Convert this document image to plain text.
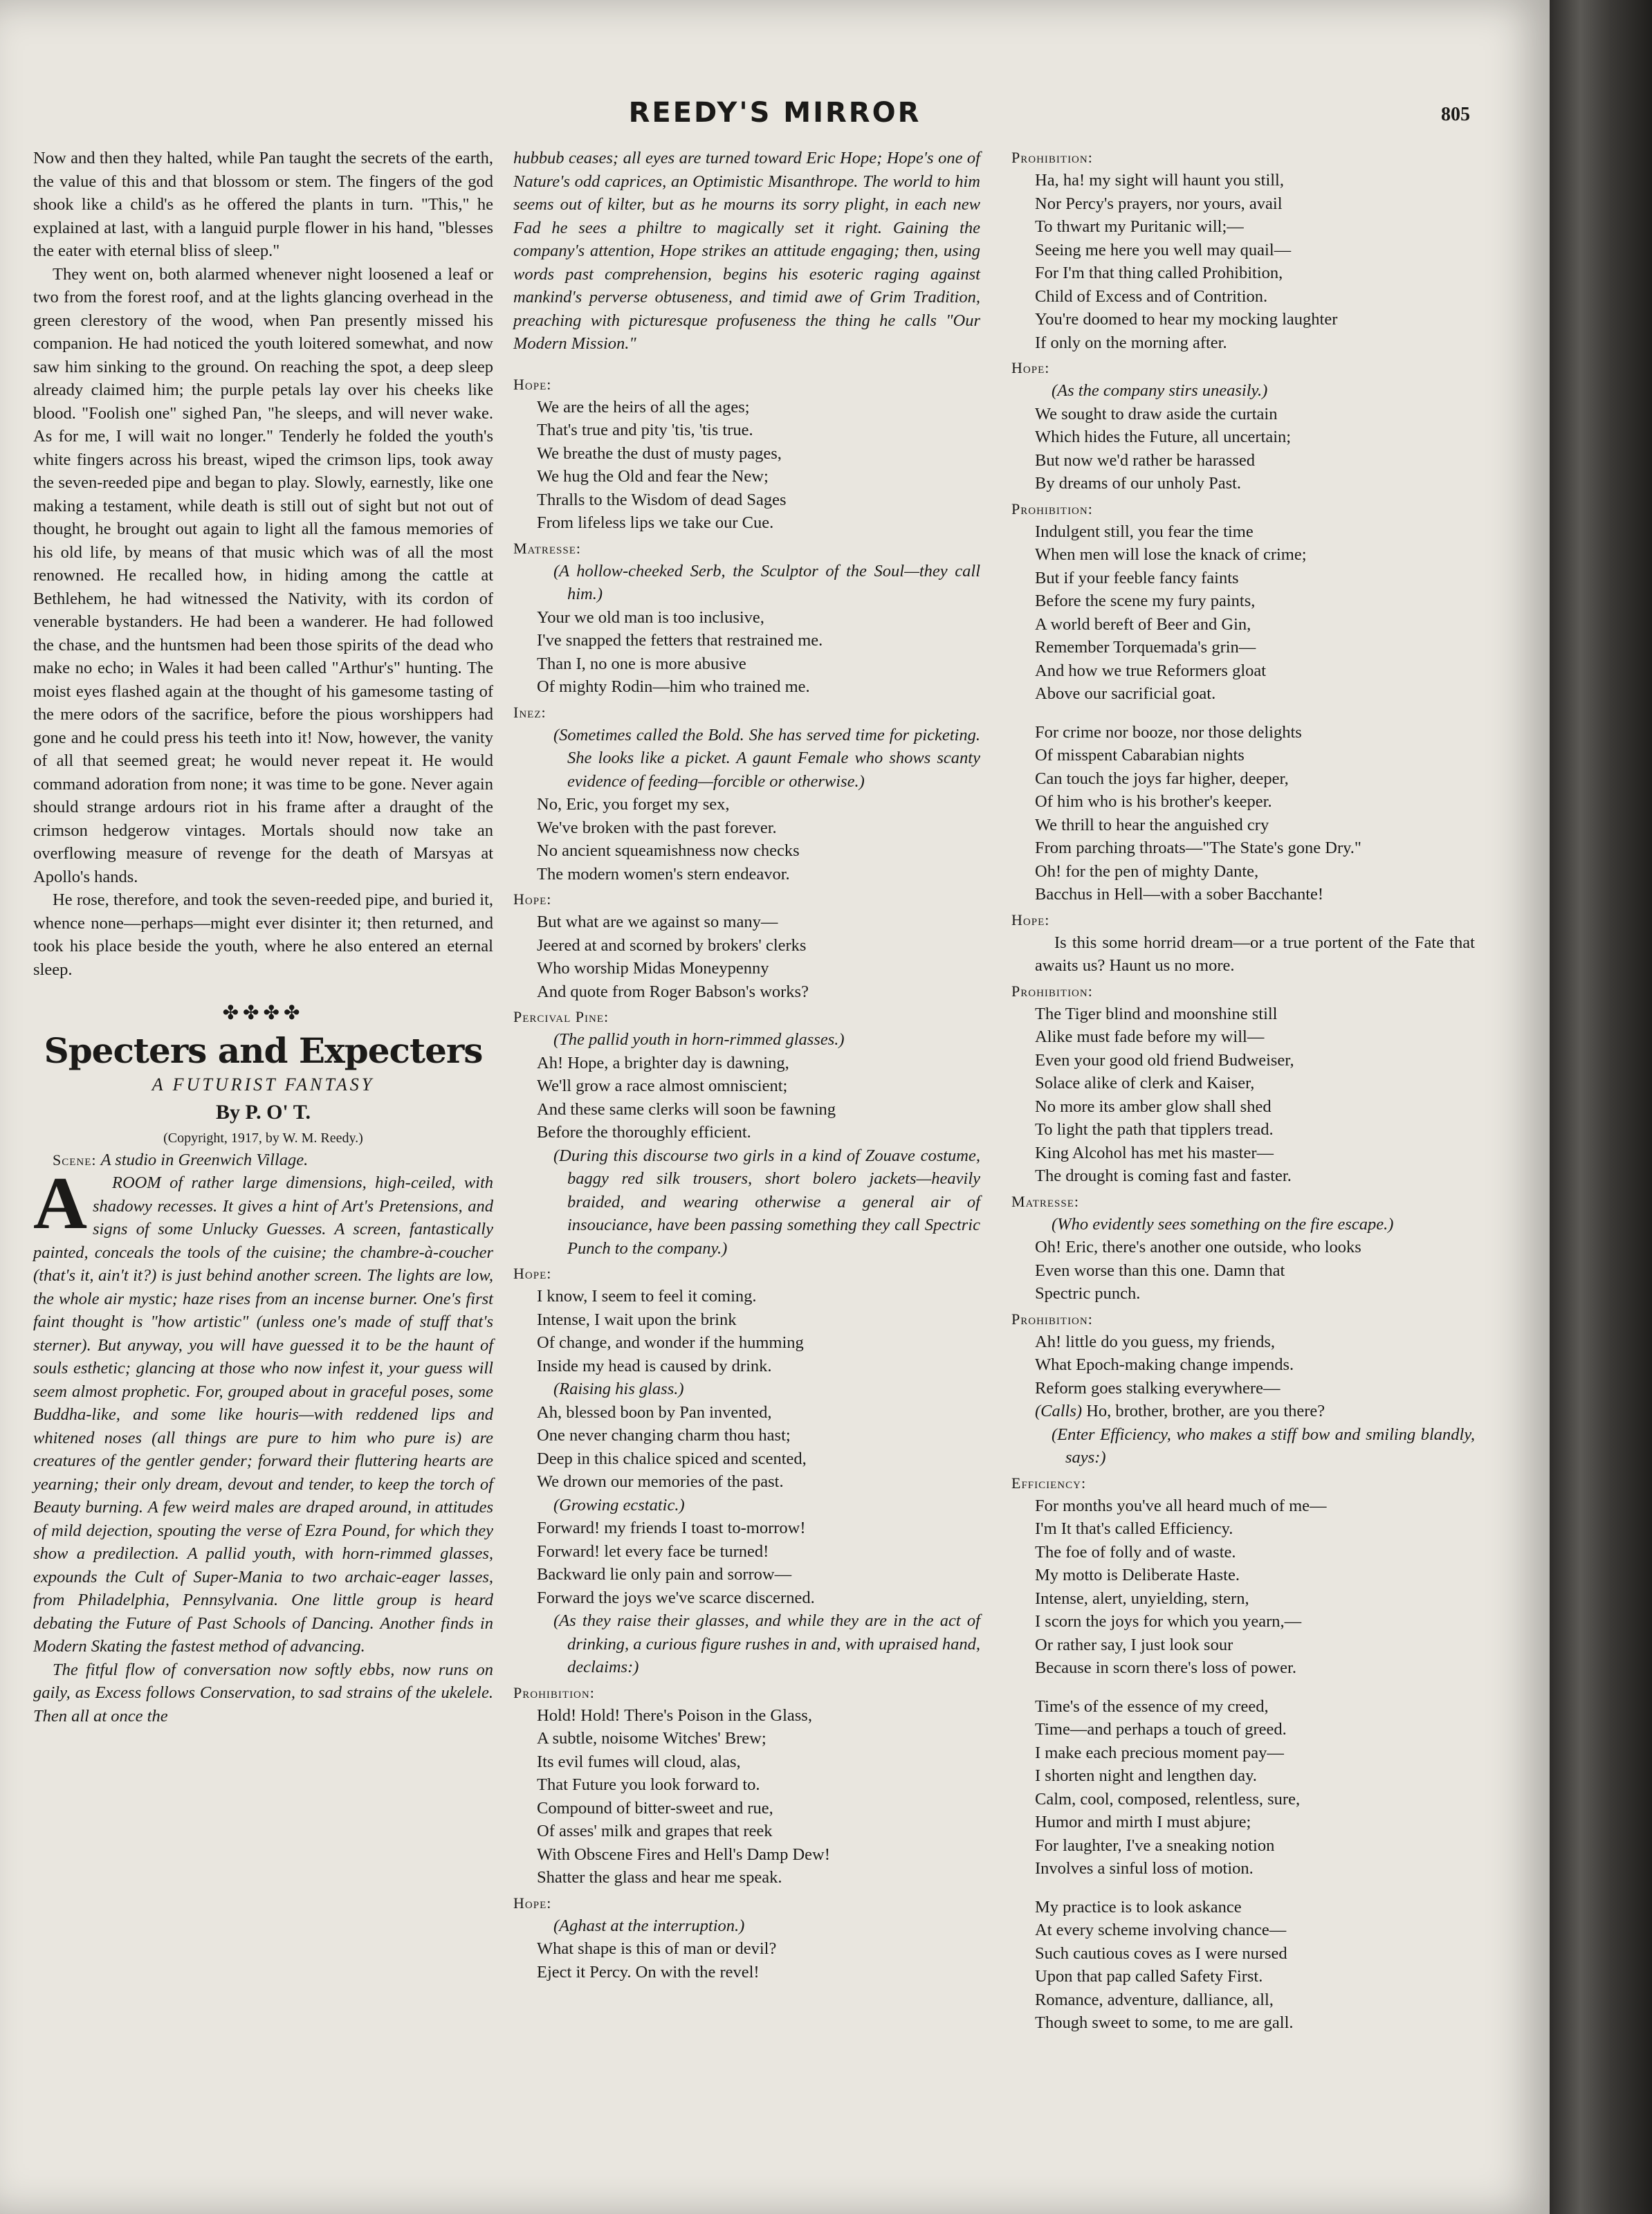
REEDY'S MIRROR	805

Now and then they halted, while Pan taught the secrets of the earth, the value of this and that blossom or stem. The fingers of the god shook like a child's as he offered the plants in turn. "This," he explained at last, with a languid purple flower in his hand, "blesses the eater with eternal bliss of sleep."

They went on, both alarmed whenever night loosened a leaf or two from the forest roof, and at the lights glancing overhead in the green clerestory of the wood, when Pan presently missed his companion. He had noticed the youth loitered somewhat, and now saw him sinking to the ground. On reaching the spot, a deep sleep already claimed him; the purple petals lay over his cheeks like blood. "Foolish one" sighed Pan, "he sleeps, and will never wake. As for me, I will wait no longer." Tenderly he folded the youth's white fingers across his breast, wiped the crimson lips, took away the seven-reeded pipe and began to play. Slowly, earnestly, like one making a testament, while death is still out of sight but not out of thought, he brought out again to light all the famous memories of his old life, by means of that music which was of all the most renowned. He recalled how, in hiding among the cattle at Bethlehem, he had witnessed the Nativity, with its cordon of venerable bystanders. He had been a wanderer. He had followed the chase, and the huntsmen had been those spirits of the dead who make no echo; in Wales it had been called "Arthur's" hunting. The moist eyes flashed again at the thought of his gamesome tasting of the mere odors of the sacrifice, before the pious worshippers had gone and he could press his teeth into it! Now, however, the vanity of all that seemed great; he would never repeat it. He would command adoration from none; it was time to be gone. Never again should strange ardours riot in his frame after a draught of the crimson hedgerow vintages. Mortals should now take an overflowing measure of revenge for the death of Marsyas at Apollo's hands.

He rose, therefore, and took the seven-reeded pipe, and buried it, whence none—perhaps—might ever disinter it; then returned, and took his place beside the youth, where he also entered an eternal sleep.

✤✤✤✤
Specters and Expecters
A FUTURIST FANTASY
By P. O' T.
(Copyright, 1917, by W. M. Reedy.)

Scene: A studio in Greenwich Village.

A	ROOM of rather large dimensions, high-ceiled, with shadowy recesses. It gives a hint of Art's Pretensions, and signs of some Unlucky Guesses. A screen, fantastically painted, conceals the tools of the cuisine; the chambre-à-coucher (that's it, ain't it?) is just behind another screen. The lights are low, the whole air mystic; haze rises from an incense burner. One's first faint thought is "how artistic" (unless one's made of stuff that's sterner). But anyway, you will have guessed it to be the haunt of souls esthetic; glancing at those who now infest it, your guess will seem almost prophetic. For, grouped about in graceful poses, some Buddha-like, and some like houris—with reddened lips and whitened noses (all things are pure to him who pure is) are creatures of the gentler gender; forward their fluttering hearts are yearning; their only dream, devout and tender, to keep the torch of Beauty burning. A few weird males are draped around, in attitudes of mild dejection, spouting the verse of Ezra Pound, for which they show a predilection. A pallid youth, with horn-rimmed glasses, expounds the Cult of Super-Mania to two archaic-eager lasses, from Philadelphia, Pennsylvania. One little group is heard debating the Future of Past Schools of Dancing. Another finds in Modern Skating the fastest method of advancing.

The fitful flow of conversation now softly ebbs, now runs on gaily, as Excess follows Conservation, to sad strains of the ukelele. Then all at once the

hubbub ceases; all eyes are turned toward Eric Hope; Hope's one of Nature's odd caprices, an Optimistic Misanthrope. The world to him seems out of kilter, but as he mourns its sorry plight, in each new Fad he sees a philtre to magically set it right. Gaining the company's attention, Hope strikes an attitude engaging; then, using words past comprehension, begins his esoteric raging against mankind's perverse obtuseness, and timid awe of Grim Tradition, preaching with picturesque profuseness the thing he calls "Our Modern Mission."

Hope:
We are the heirs of all the ages;
That's true and pity 'tis, 'tis true.
We breathe the dust of musty pages,
We hug the Old and fear the New;
Thralls to the Wisdom of dead Sages
From lifeless lips we take our Cue.
Matresse:
(A hollow-cheeked Serb, the Sculptor of the Soul—they call him.)
Your we old man is too inclusive,
I've snapped the fetters that restrained me.
Than I, no one is more abusive
Of mighty Rodin—him who trained me.
Inez:
(Sometimes called the Bold. She has served time for picketing. She looks like a picket. A gaunt Female who shows scanty evidence of feeding—forcible or otherwise.)
No, Eric, you forget my sex,
We've broken with the past forever.
No ancient squeamishness now checks
The modern women's stern endeavor.
Hope:
But what are we against so many—
Jeered at and scorned by brokers' clerks
Who worship Midas Moneypenny
And quote from Roger Babson's works?
Percival Pine:
(The pallid youth in horn-rimmed glasses.)
Ah! Hope, a brighter day is dawning,
We'll grow a race almost omniscient;
And these same clerks will soon be fawning
Before the thoroughly efficient.
(During this discourse two girls in a kind of Zouave costume, baggy red silk trousers, short bolero jackets—heavily braided, and wearing otherwise a general air of insouciance, have been passing something they call Spectric Punch to the company.)
Hope:
I know, I seem to feel it coming.
Intense, I wait upon the brink
Of change, and wonder if the humming
Inside my head is caused by drink.
(Raising his glass.)
Ah, blessed boon by Pan invented,
One never changing charm thou hast;
Deep in this chalice spiced and scented,
We drown our memories of the past.
(Growing ecstatic.)
Forward! my friends I toast to-morrow!
Forward! let every face be turned!
Backward lie only pain and sorrow—
Forward the joys we've scarce discerned.
(As they raise their glasses, and while they are in the act of drinking, a curious figure rushes in and, with upraised hand, declaims:)
Prohibition:
Hold! Hold! There's Poison in the Glass,
A subtle, noisome Witches' Brew;
Its evil fumes will cloud, alas,
That Future you look forward to.
Compound of bitter-sweet and rue,
Of asses' milk and grapes that reek
With Obscene Fires and Hell's Damp Dew!
Shatter the glass and hear me speak.
Hope:
(Aghast at the interruption.)
What shape is this of man or devil?
Eject it Percy. On with the revel!
Prohibition:
Ha, ha! my sight will haunt you still,
Nor Percy's prayers, nor yours, avail
To thwart my Puritanic will;—
Seeing me here you well may quail—
For I'm that thing called Prohibition,
Child of Excess and of Contrition.
You're doomed to hear my mocking laughter
If only on the morning after.
Hope:
(As the company stirs uneasily.)
We sought to draw aside the curtain
Which hides the Future, all uncertain;
But now we'd rather be harassed
By dreams of our unholy Past.
Prohibition:
Indulgent still, you fear the time
When men will lose the knack of crime;
But if your feeble fancy faints
Before the scene my fury paints,
A world bereft of Beer and Gin,
Remember Torquemada's grin—
And how we true Reformers gloat
Above our sacrificial goat.
For crime nor booze, nor those delights
Of misspent Cabarabian nights
Can touch the joys far higher, deeper,
Of him who is his brother's keeper.
We thrill to hear the anguished cry
From parching throats—"The State's gone Dry."
Oh! for the pen of mighty Dante,
Bacchus in Hell—with a sober Bacchante!
Hope:
Is this some horrid dream—or a true portent of the Fate that awaits us? Haunt us no more.
Prohibition:
The Tiger blind and moonshine still
Alike must fade before my will—
Even your good old friend Budweiser,
Solace alike of clerk and Kaiser,
No more its amber glow shall shed
To light the path that tipplers tread.
King Alcohol has met his master—
The drought is coming fast and faster.
Matresse:
(Who evidently sees something on the fire escape.)
Oh! Eric, there's another one outside, who looks
Even worse than this one. Damn that
Spectric punch.
Prohibition:
Ah! little do you guess, my friends,
What Epoch-making change impends.
Reform goes stalking everywhere—
(Calls) Ho, brother, brother, are you there?
(Enter Efficiency, who makes a stiff bow and smiling blandly, says:)
Efficiency:
For months you've all heard much of me—
I'm It that's called Efficiency.
The foe of folly and of waste.
My motto is Deliberate Haste.
Intense, alert, unyielding, stern,
I scorn the joys for which you yearn,—
Or rather say, I just look sour
Because in scorn there's loss of power.
Time's of the essence of my creed,
Time—and perhaps a touch of greed.
I make each precious moment pay—
I shorten night and lengthen day.
Calm, cool, composed, relentless, sure,
Humor and mirth I must abjure;
For laughter, I've a sneaking notion
Involves a sinful loss of motion.
My practice is to look askance
At every scheme involving chance—
Such cautious coves as I were nursed
Upon that pap called Safety First.
Romance, adventure, dalliance, all,
Though sweet to some, to me are gall.
